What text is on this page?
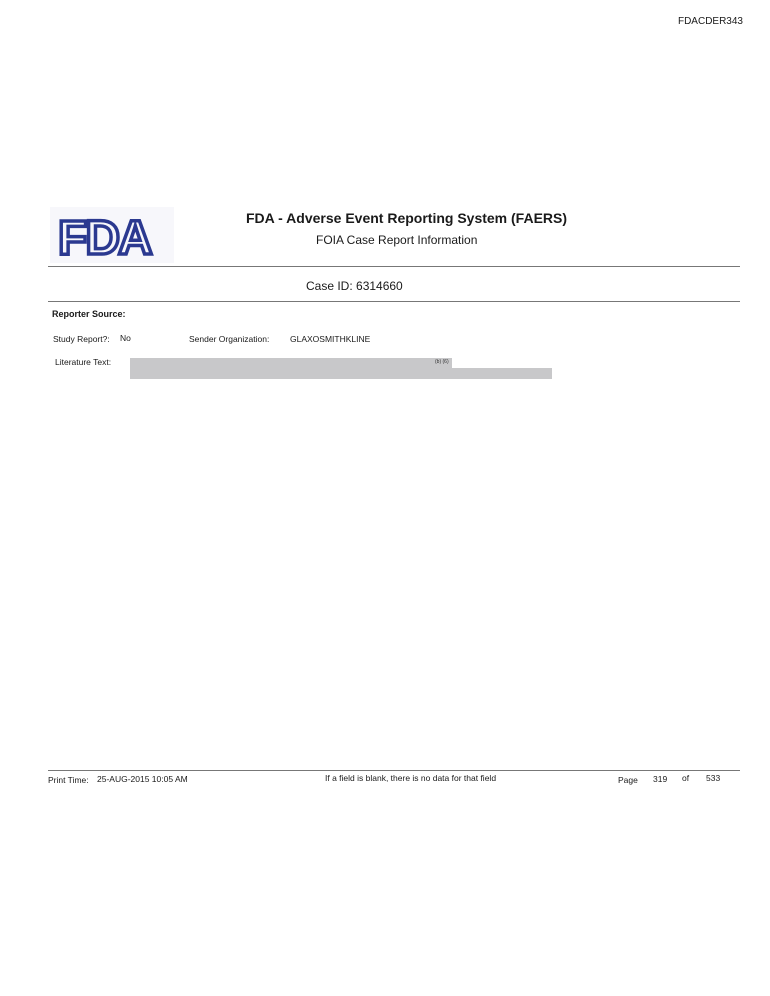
FDACDER343
FDA	FDA - Adverse Event Reporting System (FAERS)
FOIA Case Report Information
Case ID: 6314660
Reporter Source:
Study Report?: No	Sender Organization: GLAXOSMITHKLINE
Literature Text:	(b) (6)
Print Time: 25-AUG-2015 10:05 AM	If a field is blank, there is no data for that field	Page 319 of 533
